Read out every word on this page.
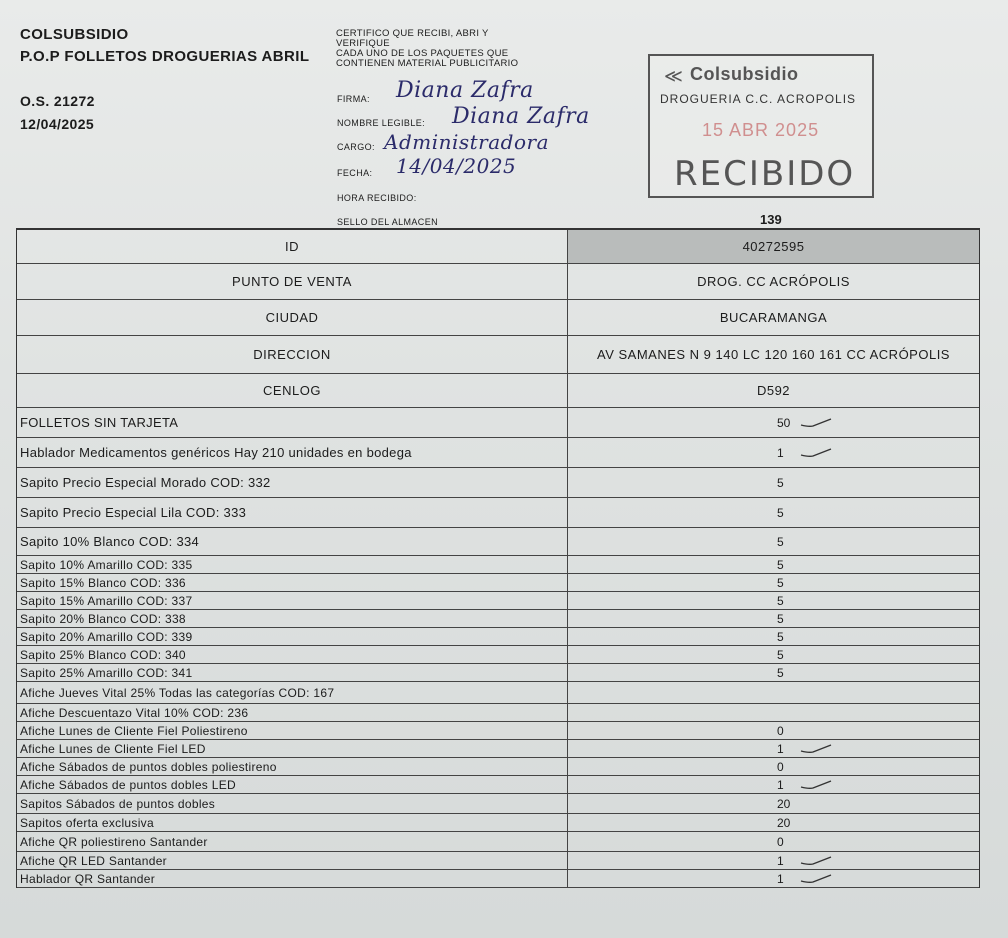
COLSUBSIDIO
P.O.P FOLLETOS DROGUERIAS ABRIL
O.S. 21272
12/04/2025
CERTIFICO QUE RECIBI, ABRI Y
VERIFIQUE
CADA UNO DE LOS PAQUETES QUE
CONTIENEN MATERIAL PUBLICITARIO
FIRMA: Diana Zafra
NOMBRE LEGIBLE: Diana Zafra
CARGO: Administradora
FECHA: 14/04/2025
HORA RECIBIDO:
SELLO DEL ALMACEN
≪ Colsubsidio
DROGUERIA C.C. ACROPOLIS
15 ABR 2025
RECIBIDO
139
ID	40272595
PUNTO DE VENTA	DROG. CC ACRÓPOLIS
CIUDAD	BUCARAMANGA
DIRECCION	AV SAMANES N 9 140 LC 120 160 161 CC ACRÓPOLIS
CENLOG	D592
FOLLETOS SIN TARJETA	50
Hablador Medicamentos genéricos Hay 210 unidades en bodega	1
Sapito Precio Especial Morado COD: 332	5
Sapito Precio Especial Lila COD: 333	5
Sapito 10% Blanco COD: 334	5
Sapito 10% Amarillo COD: 335	5
Sapito 15% Blanco COD: 336	5
Sapito 15% Amarillo COD: 337	5
Sapito 20% Blanco COD: 338	5
Sapito 20% Amarillo COD: 339	5
Sapito 25% Blanco COD: 340	5
Sapito 25% Amarillo COD: 341	5
Afiche Jueves Vital 25% Todas las categorías COD: 167
Afiche Descuentazo Vital 10% COD: 236
Afiche Lunes de Cliente Fiel Poliestireno	0
Afiche Lunes de Cliente Fiel LED	1
Afiche Sábados de puntos dobles poliestireno	0
Afiche Sábados de puntos dobles LED	1
Sapitos Sábados de puntos dobles	20
Sapitos oferta exclusiva	20
Afiche QR poliestireno Santander	0
Afiche QR LED Santander	1
Hablador QR Santander	1
